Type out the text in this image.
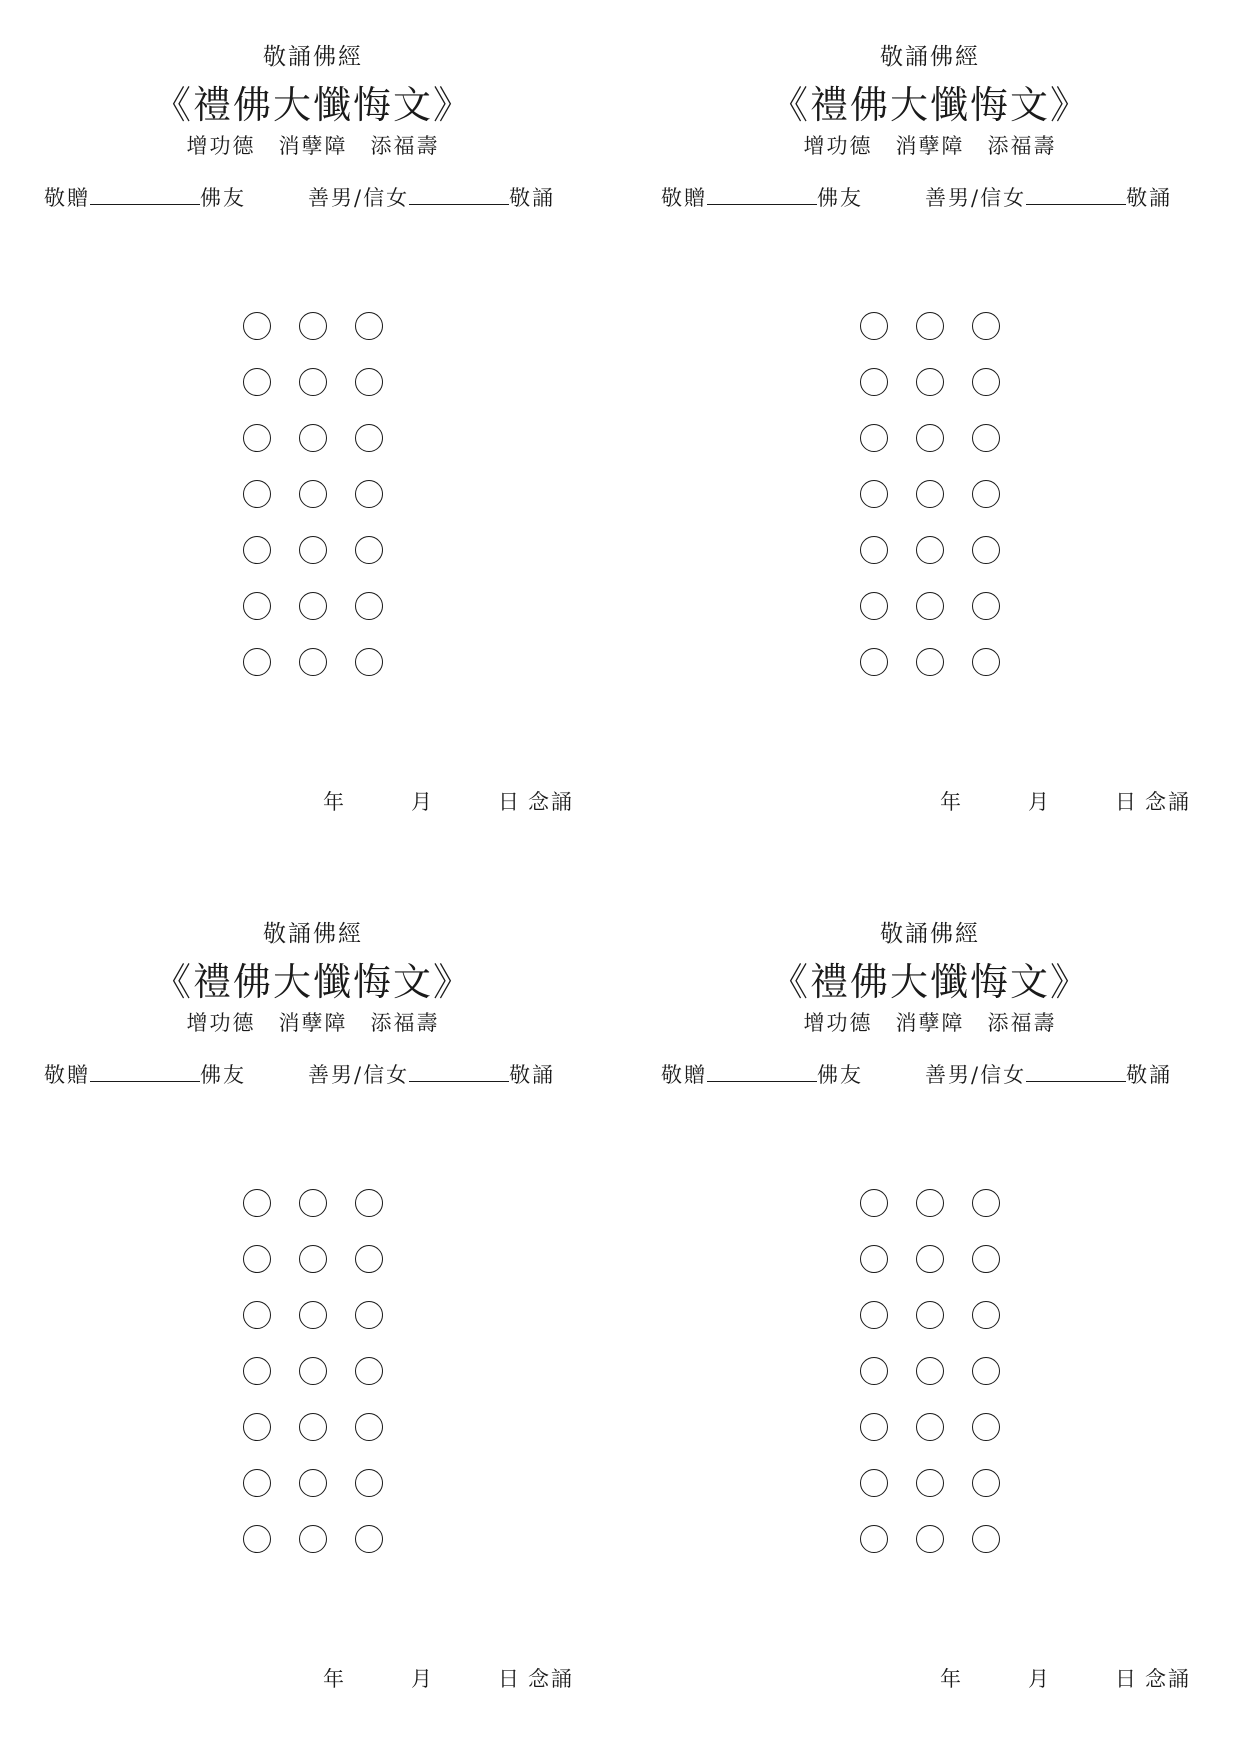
敬誦佛經
《禮佛大懺悔文》
增功德　消孽障　添福壽
敬贈	佛友	善男/信女	敬誦
年	月	日 念誦
敬誦佛經
《禮佛大懺悔文》
增功德　消孽障　添福壽
敬贈	佛友	善男/信女	敬誦
年	月	日 念誦
敬誦佛經
《禮佛大懺悔文》
增功德　消孽障　添福壽
敬贈	佛友	善男/信女	敬誦
年	月	日 念誦
敬誦佛經
《禮佛大懺悔文》
增功德　消孽障　添福壽
敬贈	佛友	善男/信女	敬誦
年	月	日 念誦
